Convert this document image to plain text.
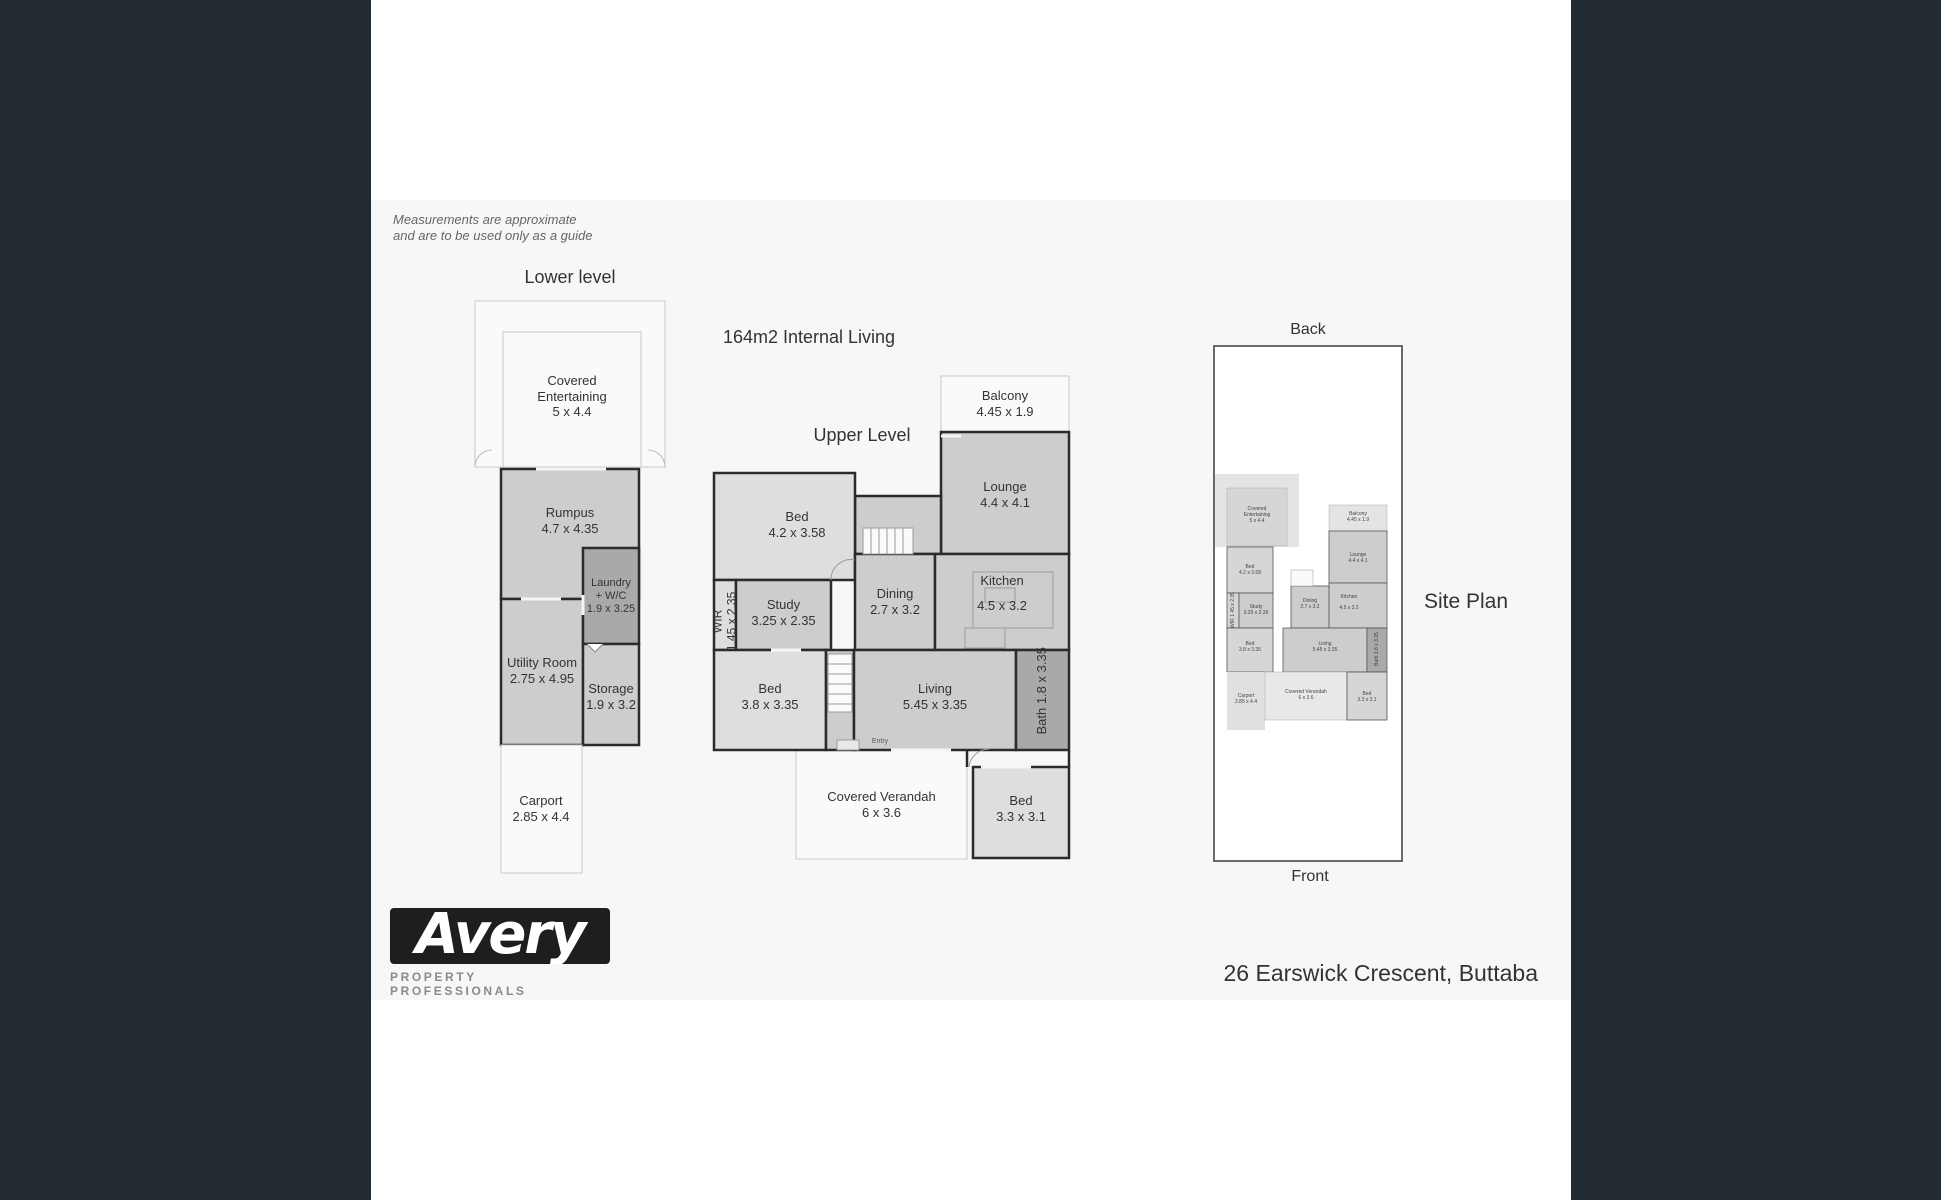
Measurements are approximate
and are to be used only as a guide
Lower level
Covered
Entertaining
5 x 4.4
Rumpus
4.7 x 4.35
Laundry
+ W/C
1.9 x 3.25
Utility Room
2.75 x 4.95
Storage
1.9 x 3.2
Carport
2.85 x 4.4
164m2 Internal Living
Upper Level
Balcony
4.45 x 1.9
Lounge
4.4 x 4.1
Bed
4.2 x 3.58
WIR 1.45 x 2.35	Study
3.25 x 2.35
Dining
2.7 x 3.2
Kitchen
4.5 x 3.2
Bed
3.8 x 3.35
Living
5.45 x 3.35
Bath 1.8 x 3.35
Entry
Covered Verandah
6 x 3.6
Bed
3.3 x 3.1
Back
Front
Site Plan
Covered
Entertaining
5 x 4.4
Balcony
4.45 x 1.9
Lounge
4.4 x 4.1
Bed
4.2 x 3.58
Study
3.25 x 2.35
WIR 1.45 x 2.35	Dining
2.7 x 3.2
Kitchen
4.5 x 3.2
Bed
3.8 x 3.35
Living
5.45 x 3.35
Bath 1.8 x 3.35
Carport
2.85 x 4.4
Covered Verandah
6 x 3.6
Bed
3.3 x 3.1
Avery
PROPERTY PROFESSIONALS
26 Earswick Crescent, Buttaba
